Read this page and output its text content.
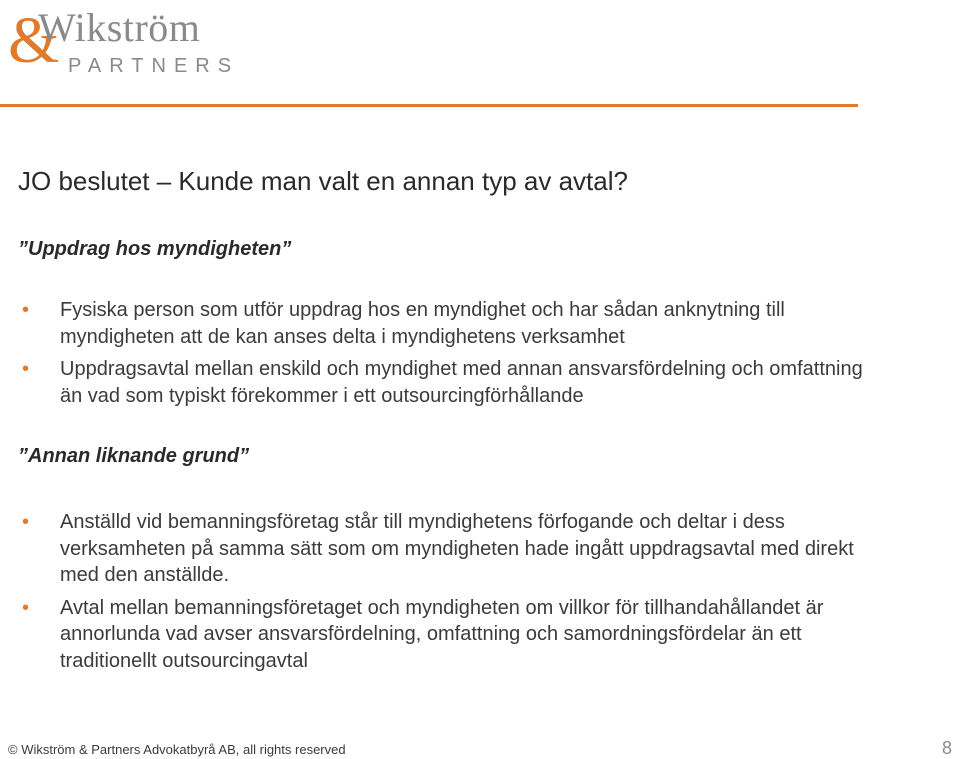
&
Wikström
PARTNERS
JO beslutet – Kunde man valt en annan typ av avtal?
”Uppdrag hos myndigheten”
• Fysiska person som utför uppdrag hos en myndighet och har sådan anknytning till myndigheten att de kan anses delta i myndighetens verksamhet
• Uppdragsavtal mellan enskild och myndighet med annan ansvarsfördelning och omfattning än vad som typiskt förekommer i ett outsourcingförhållande
”Annan liknande grund”
• Anställd vid bemanningsföretag står till myndighetens förfogande och deltar i dess verksamheten på samma sätt som om myndigheten hade ingått uppdragsavtal med direkt med den anställde.
• Avtal mellan bemanningsföretaget och myndigheten om villkor för tillhandahållandet är annorlunda vad avser ansvarsfördelning, omfattning och samordningsfördelar än ett traditionellt outsourcingavtal
© Wikström & Partners Advokatbyrå AB, all rights reserved	8
